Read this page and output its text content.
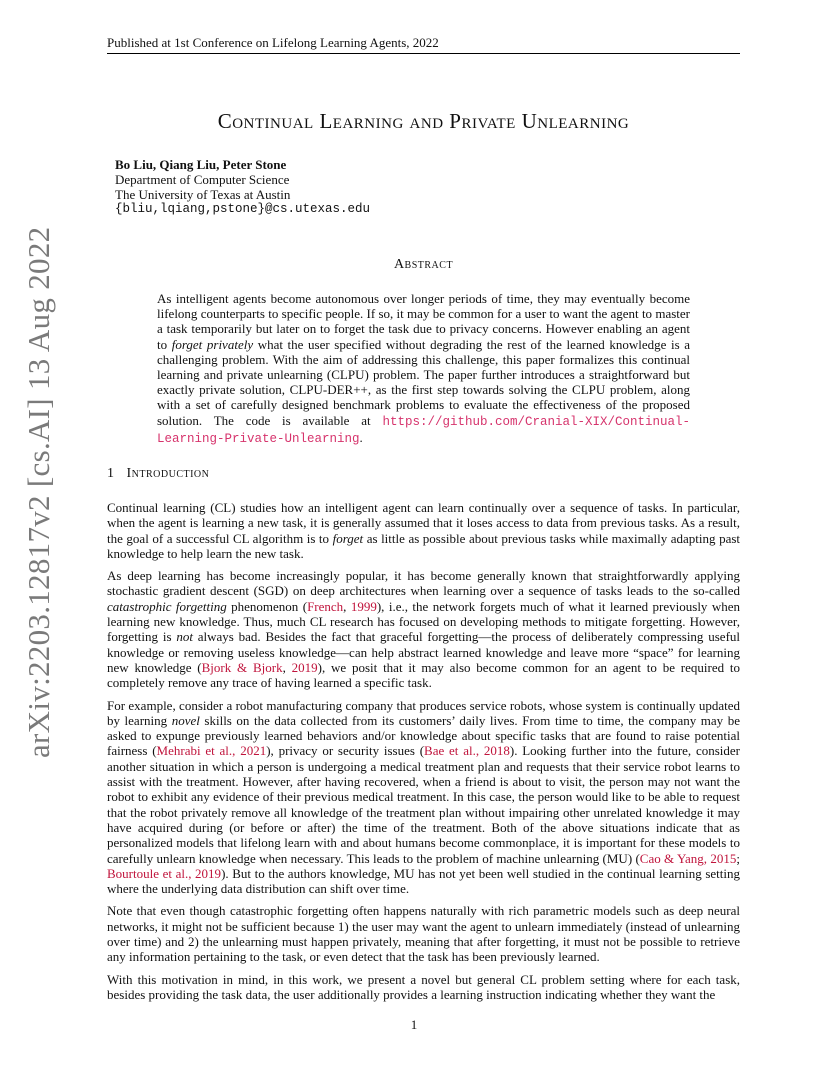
Published at 1st Conference on Lifelong Learning Agents, 2022
arXiv:2203.12817v2 [cs.AI] 13 Aug 2022
Continual Learning and Private Unlearning
Bo Liu, Qiang Liu, Peter Stone
Department of Computer Science
The University of Texas at Austin
{bliu,lqiang,pstone}@cs.utexas.edu
Abstract
As intelligent agents become autonomous over longer periods of time, they may eventually become lifelong counterparts to specific people. If so, it may be common for a user to want the agent to master a task temporarily but later on to forget the task due to privacy concerns. However enabling an agent to forget privately what the user specified without degrading the rest of the learned knowledge is a challenging problem. With the aim of addressing this challenge, this paper formalizes this continual learning and private unlearning (CLPU) problem. The paper further introduces a straightforward but exactly private solution, CLPU-DER++, as the first step towards solving the CLPU problem, along with a set of carefully designed benchmark problems to evaluate the effectiveness of the proposed solution. The code is available at https://github.com/Cranial-XIX/Continual-Learning-Private-Unlearning.
1 Introduction

Continual learning (CL) studies how an intelligent agent can learn continually over a sequence of tasks. In particular, when the agent is learning a new task, it is generally assumed that it loses access to data from previous tasks. As a result, the goal of a successful CL algorithm is to forget as little as possible about previous tasks while maximally adapting past knowledge to help learn the new task.

As deep learning has become increasingly popular, it has become generally known that straightforwardly applying stochastic gradient descent (SGD) on deep architectures when learning over a sequence of tasks leads to the so-called catastrophic forgetting phenomenon (French, 1999), i.e., the network forgets much of what it learned previously when learning new knowledge. Thus, much CL research has focused on developing methods to mitigate forgetting. However, forgetting is not always bad. Besides the fact that graceful forgetting—the process of deliberately compressing useful knowledge or removing useless knowledge—can help abstract learned knowledge and leave more “space” for learning new knowledge (Bjork & Bjork, 2019), we posit that it may also become common for an agent to be required to completely remove any trace of having learned a specific task.

For example, consider a robot manufacturing company that produces service robots, whose system is continually updated by learning novel skills on the data collected from its customers’ daily lives. From time to time, the company may be asked to expunge previously learned behaviors and/or knowledge about specific tasks that are found to raise potential fairness (Mehrabi et al., 2021), privacy or security issues (Bae et al., 2018). Looking further into the future, consider another situation in which a person is undergoing a medical treatment plan and requests that their service robot learns to assist with the treatment. However, after having recovered, when a friend is about to visit, the person may not want the robot to exhibit any evidence of their previous medical treatment. In this case, the person would like to be able to request that the robot privately remove all knowledge of the treatment plan without impairing other unrelated knowledge it may have acquired during (or before or after) the time of the treatment. Both of the above situations indicate that as personalized models that lifelong learn with and about humans become commonplace, it is important for these models to carefully unlearn knowledge when necessary. This leads to the problem of machine unlearning (MU) (Cao & Yang, 2015; Bourtoule et al., 2019). But to the authors knowledge, MU has not yet been well studied in the continual learning setting where the underlying data distribution can shift over time.

Note that even though catastrophic forgetting often happens naturally with rich parametric models such as deep neural networks, it might not be sufficient because 1) the user may want the agent to unlearn immediately (instead of unlearning over time) and 2) the unlearning must happen privately, meaning that after forgetting, it must not be possible to retrieve any information pertaining to the task, or even detect that the task has been previously learned.

With this motivation in mind, in this work, we present a novel but general CL problem setting where for each task, besides providing the task data, the user additionally provides a learning instruction indicating whether they want the

1
